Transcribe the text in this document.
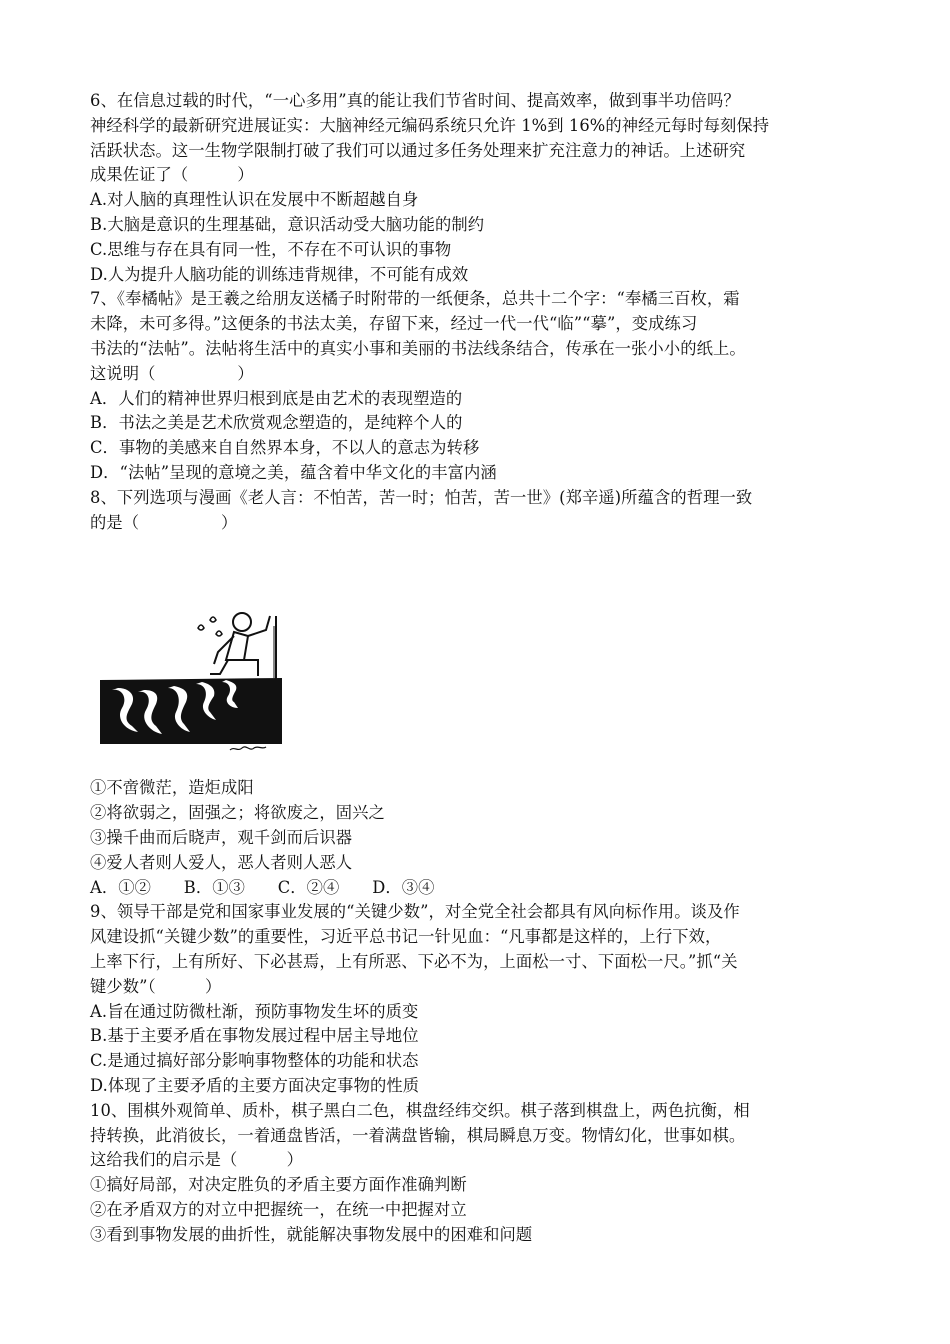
6、在信息过载的时代，“一心多用”真的能让我们节省时间、提高效率，做到事半功倍吗？
神经科学的最新研究进展证实：大脑神经元编码系统只允许 1%到 16%的神经元每时每刻保持
活跃状态。这一生物学限制打破了我们可以通过多任务处理来扩充注意力的神话。上述研究
成果佐证了（　　　）
A.对人脑的真理性认识在发展中不断超越自身
B.大脑是意识的生理基础，意识活动受大脑功能的制约
C.思维与存在具有同一性，不存在不可认识的事物
D.人为提升人脑功能的训练违背规律，不可能有成效
7、《奉橘帖》是王羲之给朋友送橘子时附带的一纸便条，总共十二个字：“奉橘三百枚，霜
未降，未可多得。”这便条的书法太美，存留下来，经过一代一代“临”“摹”，变成练习
书法的“法帖”。法帖将生活中的真实小事和美丽的书法线条结合，传承在一张小小的纸上。
这说明（　　　　　）
A．人们的精神世界归根到底是由艺术的表现塑造的
B．书法之美是艺术欣赏观念塑造的，是纯粹个人的
C．事物的美感来自自然界本身，不以人的意志为转移
D．“法帖”呈现的意境之美，蕴含着中华文化的丰富内涵
8、下列选项与漫画《老人言：不怕苦，苦一时；怕苦，苦一世》(郑辛遥)所蕴含的哲理一致
的是（　　　　　）
①不啻微茫，造炬成阳
②将欲弱之，固强之；将欲废之，固兴之
③操千曲而后晓声，观千剑而后识器
④爱人者则人爱人，恶人者则人恶人
A．①②　　B．①③　　C．②④　　D．③④
9、领导干部是党和国家事业发展的“关键少数”，对全党全社会都具有风向标作用。谈及作
风建设抓“关键少数”的重要性，习近平总书记一针见血：“凡事都是这样的，上行下效，
上率下行，上有所好、下必甚焉，上有所恶、下必不为，上面松一寸、下面松一尺。”抓“关
键少数”（　　　）
A.旨在通过防微杜渐，预防事物发生坏的质变
B.基于主要矛盾在事物发展过程中居主导地位
C.是通过搞好部分影响事物整体的功能和状态
D.体现了主要矛盾的主要方面决定事物的性质
10、围棋外观简单、质朴，棋子黑白二色，棋盘经纬交织。棋子落到棋盘上，两色抗衡，相
持转换，此消彼长，一着通盘皆活，一着满盘皆输，棋局瞬息万变。物情幻化，世事如棋。
这给我们的启示是（　　　）
①搞好局部，对决定胜负的矛盾主要方面作准确判断
②在矛盾双方的对立中把握统一，在统一中把握对立
③看到事物发展的曲折性，就能解决事物发展中的困难和问题
